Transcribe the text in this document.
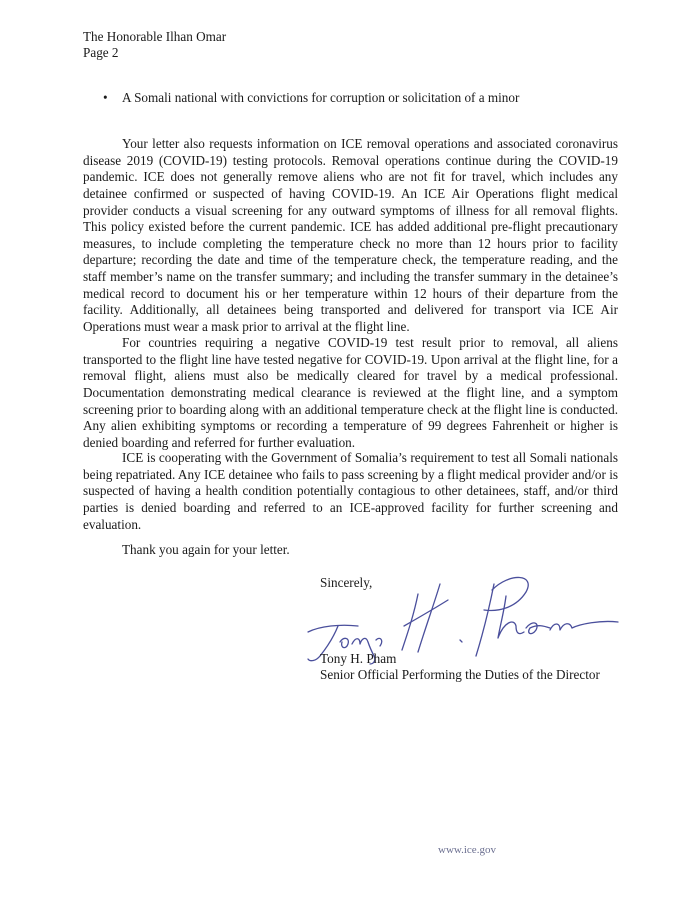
The Honorable Ilhan Omar
Page 2
• A Somali national with convictions for corruption or solicitation of a minor

Your letter also requests information on ICE removal operations and associated coronavirus disease 2019 (COVID-19) testing protocols. Removal operations continue during the COVID-19 pandemic. ICE does not generally remove aliens who are not fit for travel, which includes any detainee confirmed or suspected of having COVID-19. An ICE Air Operations flight medical provider conducts a visual screening for any outward symptoms of illness for all removal flights. This policy existed before the current pandemic. ICE has added additional pre-flight precautionary measures, to include completing the temperature check no more than 12 hours prior to facility departure; recording the date and time of the temperature check, the temperature reading, and the staff member’s name on the transfer summary; and including the transfer summary in the detainee’s medical record to document his or her temperature within 12 hours of their departure from the facility. Additionally, all detainees being transported and delivered for transport via ICE Air Operations must wear a mask prior to arrival at the flight line.

For countries requiring a negative COVID-19 test result prior to removal, all aliens transported to the flight line have tested negative for COVID-19. Upon arrival at the flight line, for a removal flight, aliens must also be medically cleared for travel by a medical professional. Documentation demonstrating medical clearance is reviewed at the flight line, and a symptom screening prior to boarding along with an additional temperature check at the flight line is conducted. Any alien exhibiting symptoms or recording a temperature of 99 degrees Fahrenheit or higher is denied boarding and referred for further evaluation.

ICE is cooperating with the Government of Somalia’s requirement to test all Somali nationals being repatriated. Any ICE detainee who fails to pass screening by a flight medical provider and/or is suspected of having a health condition potentially contagious to other detainees, staff, and/or third parties is denied boarding and referred to an ICE-approved facility for further screening and evaluation.

Thank you again for your letter.
Sincerely,
Tony H. Pham
Senior Official Performing the Duties of the Director
www.ice.gov
